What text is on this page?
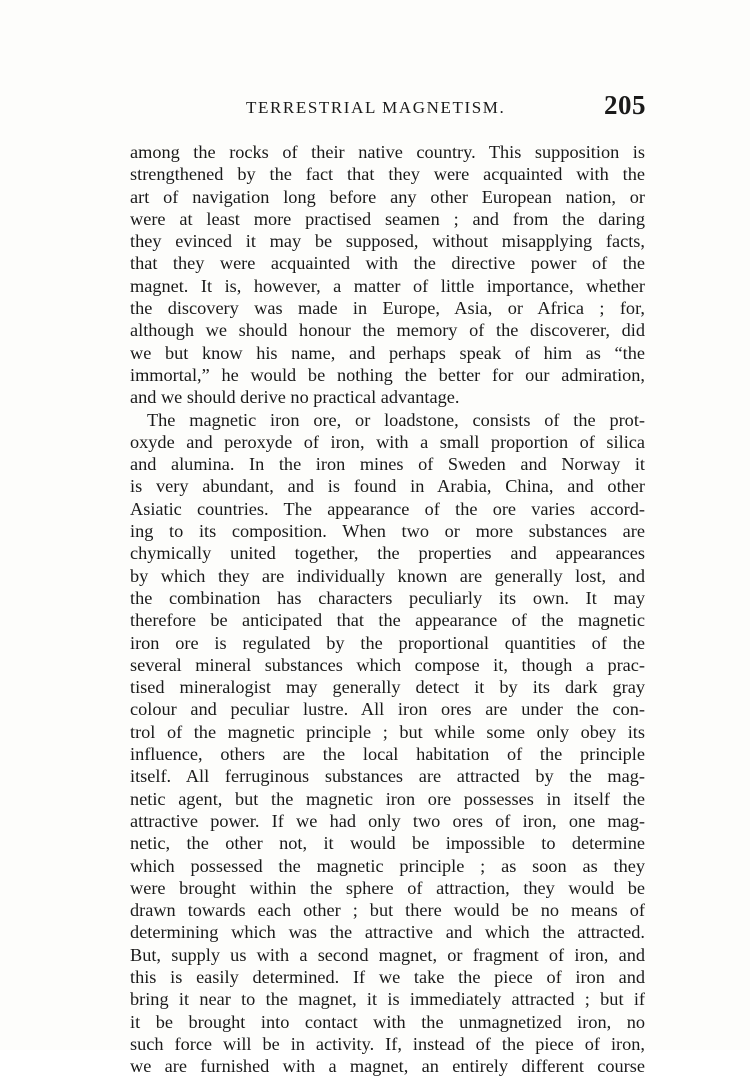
TERRESTRIAL MAGNETISM.	205
among the rocks of their native country. This supposition is
strengthened by the fact that they were acquainted with the
art of navigation long before any other European nation, or
were at least more practised seamen ; and from the daring
they evinced it may be supposed, without misapplying facts,
that they were acquainted with the directive power of the
magnet. It is, however, a matter of little importance, whether
the discovery was made in Europe, Asia, or Africa ; for,
although we should honour the memory of the discoverer, did
we but know his name, and perhaps speak of him as “the
immortal,” he would be nothing the better for our admiration,
and we should derive no practical advantage.
The magnetic iron ore, or loadstone, consists of the prot-
oxyde and peroxyde of iron, with a small proportion of silica
and alumina. In the iron mines of Sweden and Norway it
is very abundant, and is found in Arabia, China, and other
Asiatic countries. The appearance of the ore varies accord-
ing to its composition. When two or more substances are
chymically united together, the properties and appearances
by which they are individually known are generally lost, and
the combination has characters peculiarly its own. It may
therefore be anticipated that the appearance of the magnetic
iron ore is regulated by the proportional quantities of the
several mineral substances which compose it, though a prac-
tised mineralogist may generally detect it by its dark gray
colour and peculiar lustre. All iron ores are under the con-
trol of the magnetic principle ; but while some only obey its
influence, others are the local habitation of the principle
itself. All ferruginous substances are attracted by the mag-
netic agent, but the magnetic iron ore possesses in itself the
attractive power. If we had only two ores of iron, one mag-
netic, the other not, it would be impossible to determine
which possessed the magnetic principle ; as soon as they
were brought within the sphere of attraction, they would be
drawn towards each other ; but there would be no means of
determining which was the attractive and which the attracted.
But, supply us with a second magnet, or fragment of iron, and
this is easily determined. If we take the piece of iron and
bring it near to the magnet, it is immediately attracted ; but if
it be brought into contact with the unmagnetized iron, no
such force will be in activity. If, instead of the piece of iron,
we are furnished with a magnet, an entirely different course
